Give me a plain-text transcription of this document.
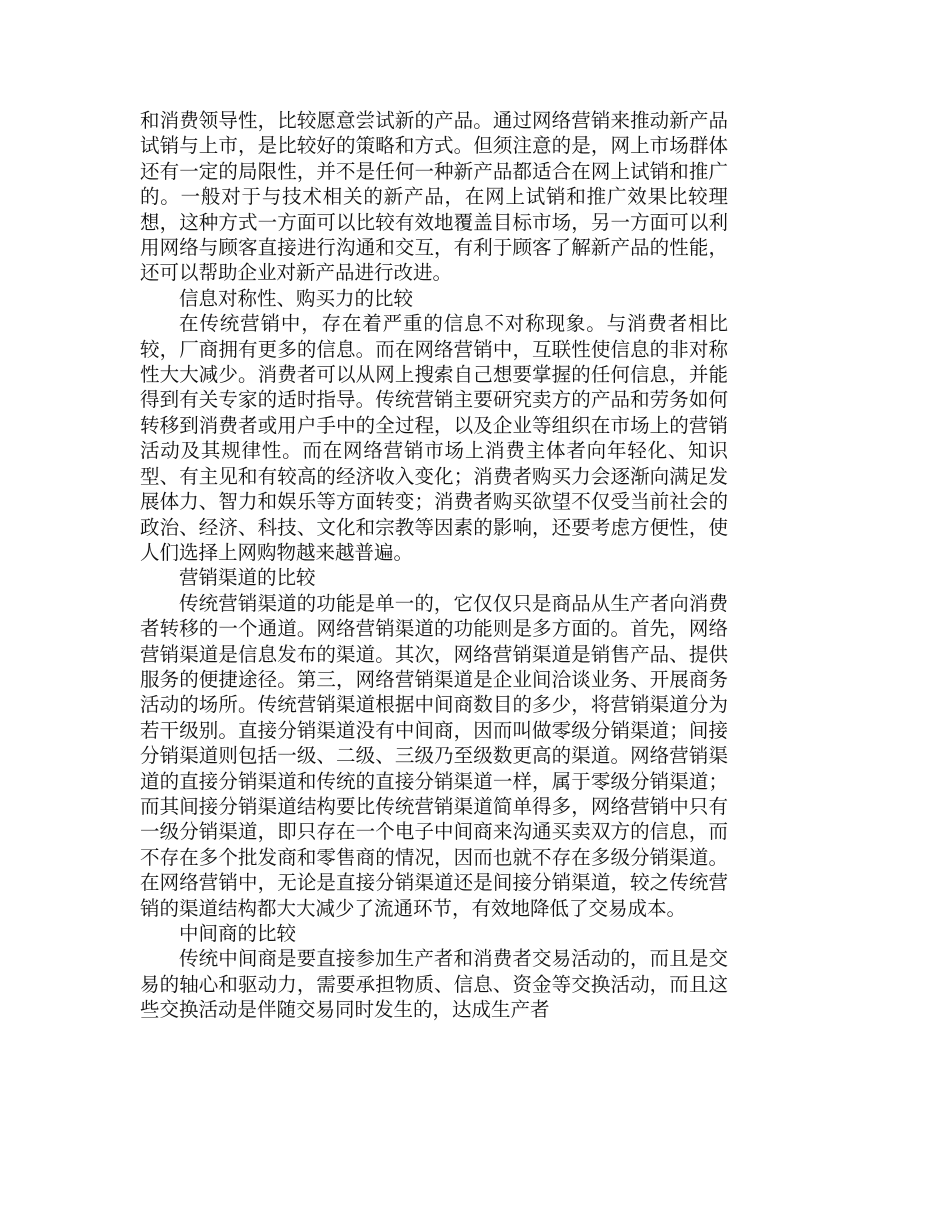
和消费领导性，比较愿意尝试新的产品。通过网络营销来推动新产品试销与上市，是比较好的策略和方式。但须注意的是，网上市场群体还有一定的局限性，并不是任何一种新产品都适合在网上试销和推广的。一般对于与技术相关的新产品，在网上试销和推广效果比较理想，这种方式一方面可以比较有效地覆盖目标市场，另一方面可以利用网络与顾客直接进行沟通和交互，有利于顾客了解新产品的性能，还可以帮助企业对新产品进行改进。

信息对称性、购买力的比较

在传统营销中，存在着严重的信息不对称现象。与消费者相比较，厂商拥有更多的信息。而在网络营销中，互联性使信息的非对称性大大减少。消费者可以从网上搜索自己想要掌握的任何信息，并能得到有关专家的适时指导。传统营销主要研究卖方的产品和劳务如何转移到消费者或用户手中的全过程，以及企业等组织在市场上的营销活动及其规律性。而在网络营销市场上消费主体者向年轻化、知识型、有主见和有较高的经济收入变化；消费者购买力会逐渐向满足发展体力、智力和娱乐等方面转变；消费者购买欲望不仅受当前社会的政治、经济、科技、文化和宗教等因素的影响，还要考虑方便性，使人们选择上网购物越来越普遍。

营销渠道的比较

传统营销渠道的功能是单一的，它仅仅只是商品从生产者向消费者转移的一个通道。网络营销渠道的功能则是多方面的。首先，网络营销渠道是信息发布的渠道。其次，网络营销渠道是销售产品、提供服务的便捷途径。第三，网络营销渠道是企业间洽谈业务、开展商务活动的场所。传统营销渠道根据中间商数目的多少，将营销渠道分为若干级别。直接分销渠道没有中间商，因而叫做零级分销渠道；间接分销渠道则包括一级、二级、三级乃至级数更高的渠道。网络营销渠道的直接分销渠道和传统的直接分销渠道一样，属于零级分销渠道；而其间接分销渠道结构要比传统营销渠道简单得多，网络营销中只有一级分销渠道，即只存在一个电子中间商来沟通买卖双方的信息，而不存在多个批发商和零售商的情况，因而也就不存在多级分销渠道。在网络营销中，无论是直接分销渠道还是间接分销渠道，较之传统营销的渠道结构都大大减少了流通环节，有效地降低了交易成本。

中间商的比较

传统中间商是要直接参加生产者和消费者交易活动的，而且是交易的轴心和驱动力，需要承担物质、信息、资金等交换活动，而且这些交换活动是伴随交易同时发生的，达成生产者
